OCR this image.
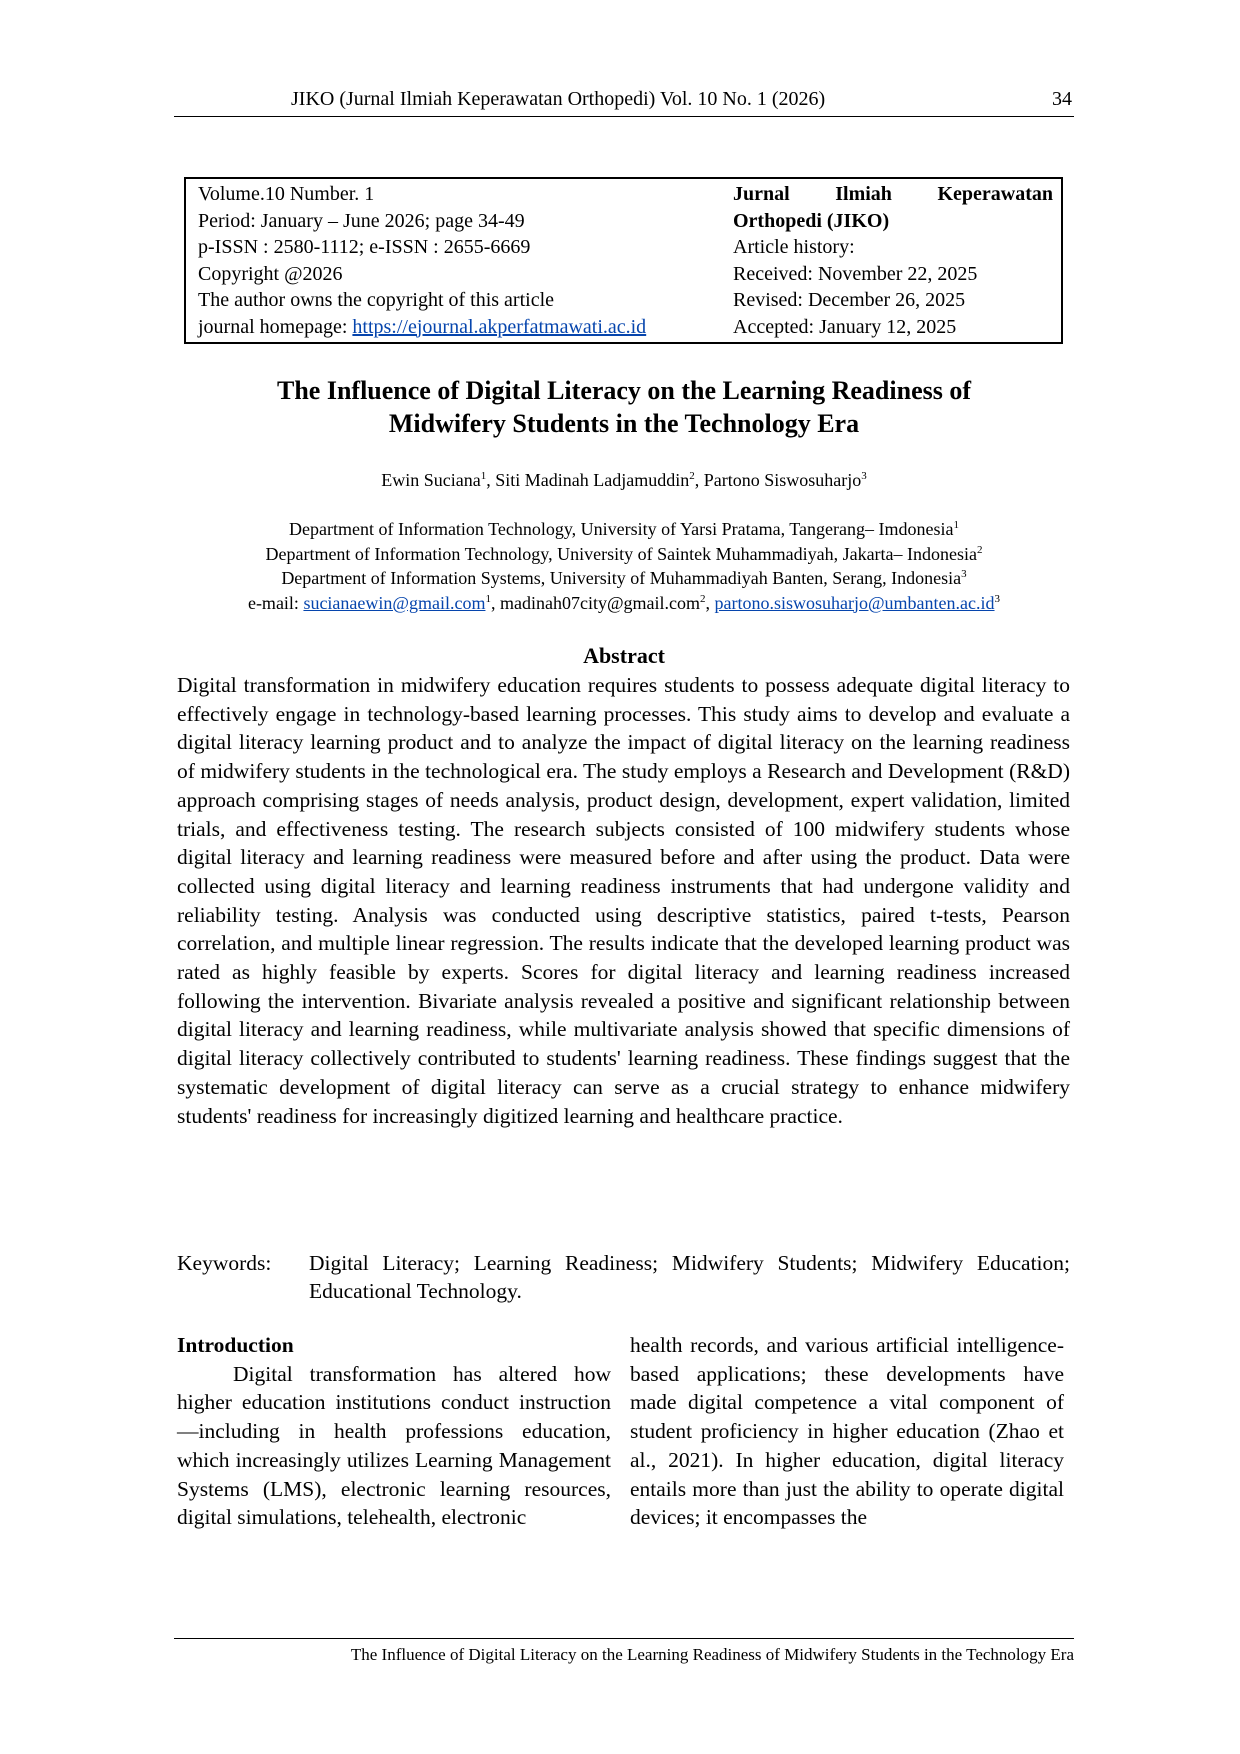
JIKO (Jurnal Ilmiah Keperawatan Orthopedi) Vol. 10 No. 1 (2026)	34
Volume.10 Number. 1
Period: January – June 2026; page 34-49
p-ISSN : 2580-1112; e-ISSN : 2655-6669
Copyright @2026
The author owns the copyright of this article
journal homepage: https://ejournal.akperfatmawati.ac.id
Jurnal Ilmiah Keperawatan
Orthopedi (JIKO)
Article history:
Received: November 22, 2025
Revised: December 26, 2025
Accepted: January 12, 2025
The Influence of Digital Literacy on the Learning Readiness of
Midwifery Students in the Technology Era
Ewin Suciana$^1$, Siti Madinah Ladjamuddin$^2$, Partono Siswosuharjo$^3$
Department of Information Technology, University of Yarsi Pratama, Tangerang– Imdonesia$^1$
Department of Information Technology, University of Saintek Muhammadiyah, Jakarta– Indonesia$^2$
Department of Information Systems, University of Muhammadiyah Banten, Serang, Indonesia$^3$
e-mail: sucianaewin@gmail.com$^1$, madinah07city@gmail.com$^2$, $partono.siswosuharjo@umbanten.ac.id^3$
Abstract

Digital transformation in midwifery education requires students to possess adequate digital literacy to effectively engage in technology-based learning processes. This study aims to develop and evaluate a digital literacy learning product and to analyze the impact of digital literacy on the learning readiness of midwifery students in the technological era. The study employs a Research and Development (R&D) approach comprising stages of needs analysis, product design, development, expert validation, limited trials, and effectiveness testing. The research subjects consisted of 100 midwifery students whose digital literacy and learning readiness were measured before and after using the product. Data were collected using digital literacy and learning readiness instruments that had undergone validity and reliability testing. Analysis was conducted using descriptive statistics, paired t-tests, Pearson correlation, and multiple linear regression. The results indicate that the developed learning product was rated as highly feasible by experts. Scores for digital literacy and learning readiness increased following the intervention. Bivariate analysis revealed a positive and significant relationship between digital literacy and learning readiness, while multivariate analysis showed that specific dimensions of digital literacy collectively contributed to students' learning readiness. These findings suggest that the systematic development of digital literacy can serve as a crucial strategy to enhance midwifery students' readiness for increasingly digitized learning and healthcare practice.

Keywords: Digital Literacy; Learning Readiness; Midwifery Students; Midwifery Education; Educational Technology.
Introduction

Digital transformation has altered how higher education institutions conduct instruction—including in health professions education, which increasingly utilizes Learning Management Systems (LMS), electronic learning resources, digital simulations, telehealth, electronic

health records, and various artificial intelligence-based applications; these developments have made digital competence a vital component of student proficiency in higher education (Zhao et al., 2021). In higher education, digital literacy entails more than just the ability to operate digital devices; it encompasses the

The Influence of Digital Literacy on the Learning Readiness of Midwifery Students in the Technology Era
